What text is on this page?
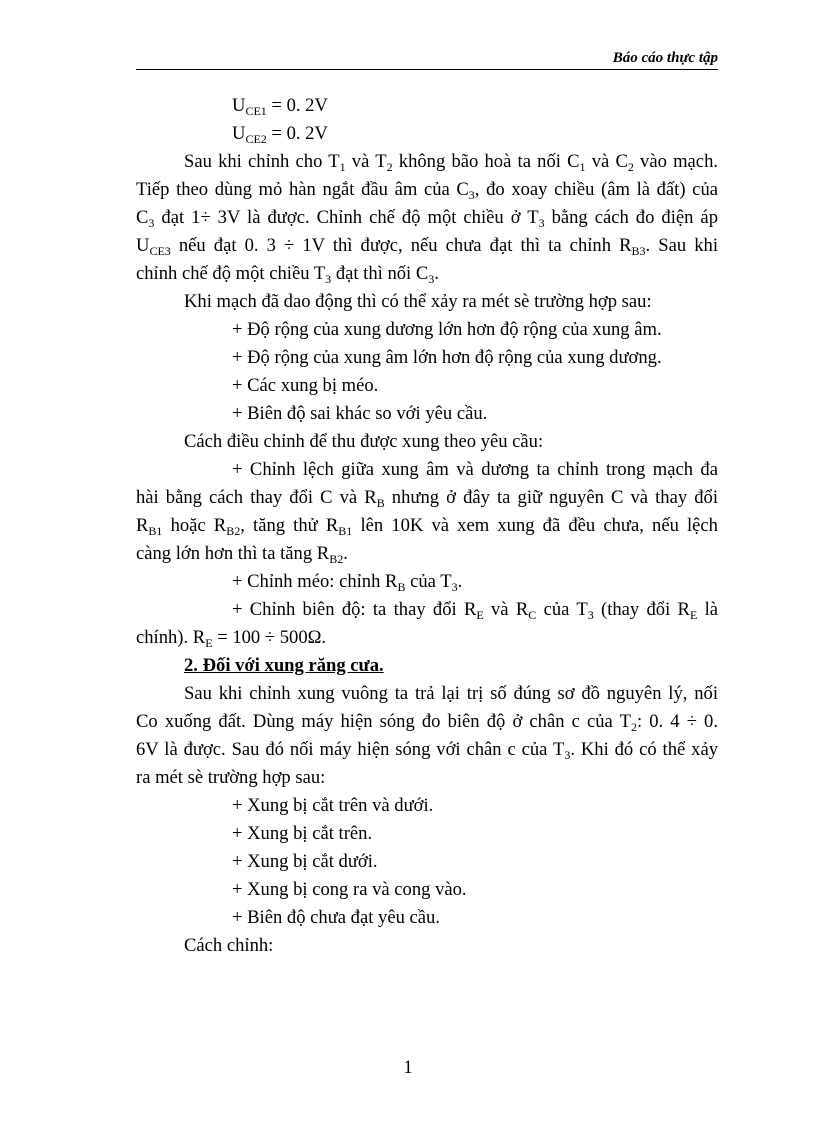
Báo cáo thực tập
$U_{CE1} = 0$. 2V
$U_{CE2} = 0$. 2V
Sau khi chỉnh cho $T_1$ và $T_2$ không bão hoà ta nối $C_1$ và $C_2$ vào mạch.
Tiếp theo dùng mỏ hàn ngắt đầu âm của $C_3$, đo xoay chiều (âm là đất) của
$C_3$ đạt 1÷ 3V là được. Chỉnh chế độ một chiều ở $T_3$ bằng cách đo điện áp
$U_{CE3}$ nếu đạt 0. 3 ÷ 1V thì được, nếu chưa đạt thì ta chỉnh $R_{B3}$. Sau khi
chỉnh chế độ một chiều $T_3$ đạt thì nối $C_3$.
Khi mạch đã dao động thì có thể xảy ra mét sè trường hợp sau:
+ Độ rộng của xung dương lớn hơn độ rộng của xung âm.
+ Độ rộng của xung âm lớn hơn độ rộng của xung dương.
+ Các xung bị méo.
+ Biên độ sai khác so với yêu cầu.
Cách điều chỉnh để thu được xung theo yêu cầu:
+ Chỉnh lệch giữa xung âm và dương ta chỉnh trong mạch đa
hài bằng cách thay đổi C và $R_B$ nhưng ở đây ta giữ nguyên C và thay đổi
$R_{B1}$ hoặc $R_{B2}$, tăng thử $R_{B1}$ lên 10K và xem xung đã đều chưa, nếu lệch
càng lớn hơn thì ta tăng $R_{B2}$.
+ Chỉnh méo: chỉnh $R_B$ của $T_3$.
+ Chỉnh biên độ: ta thay đổi $R_E$ và $R_C$ của $T_3$ (thay đổi $R_E$ là
chính). $R_E = 100 \div 500\Omega$.
2. Đối với xung răng cưa.
Sau khi chỉnh xung vuông ta trả lại trị số đúng sơ đồ nguyên lý, nối
Co xuống đất. Dùng máy hiện sóng đo biên độ ở chân c của $T_2$: 0. 4 ÷ 0.
6V là được. Sau đó nối máy hiện sóng với chân c của $T_3$. Khi đó có thể xảy
ra mét sè trường hợp sau:
+ Xung bị cắt trên và dưới.
+ Xung bị cắt trên.
+ Xung bị cắt dưới.
+ Xung bị cong ra và cong vào.
+ Biên độ chưa đạt yêu cầu.
Cách chỉnh:
1
